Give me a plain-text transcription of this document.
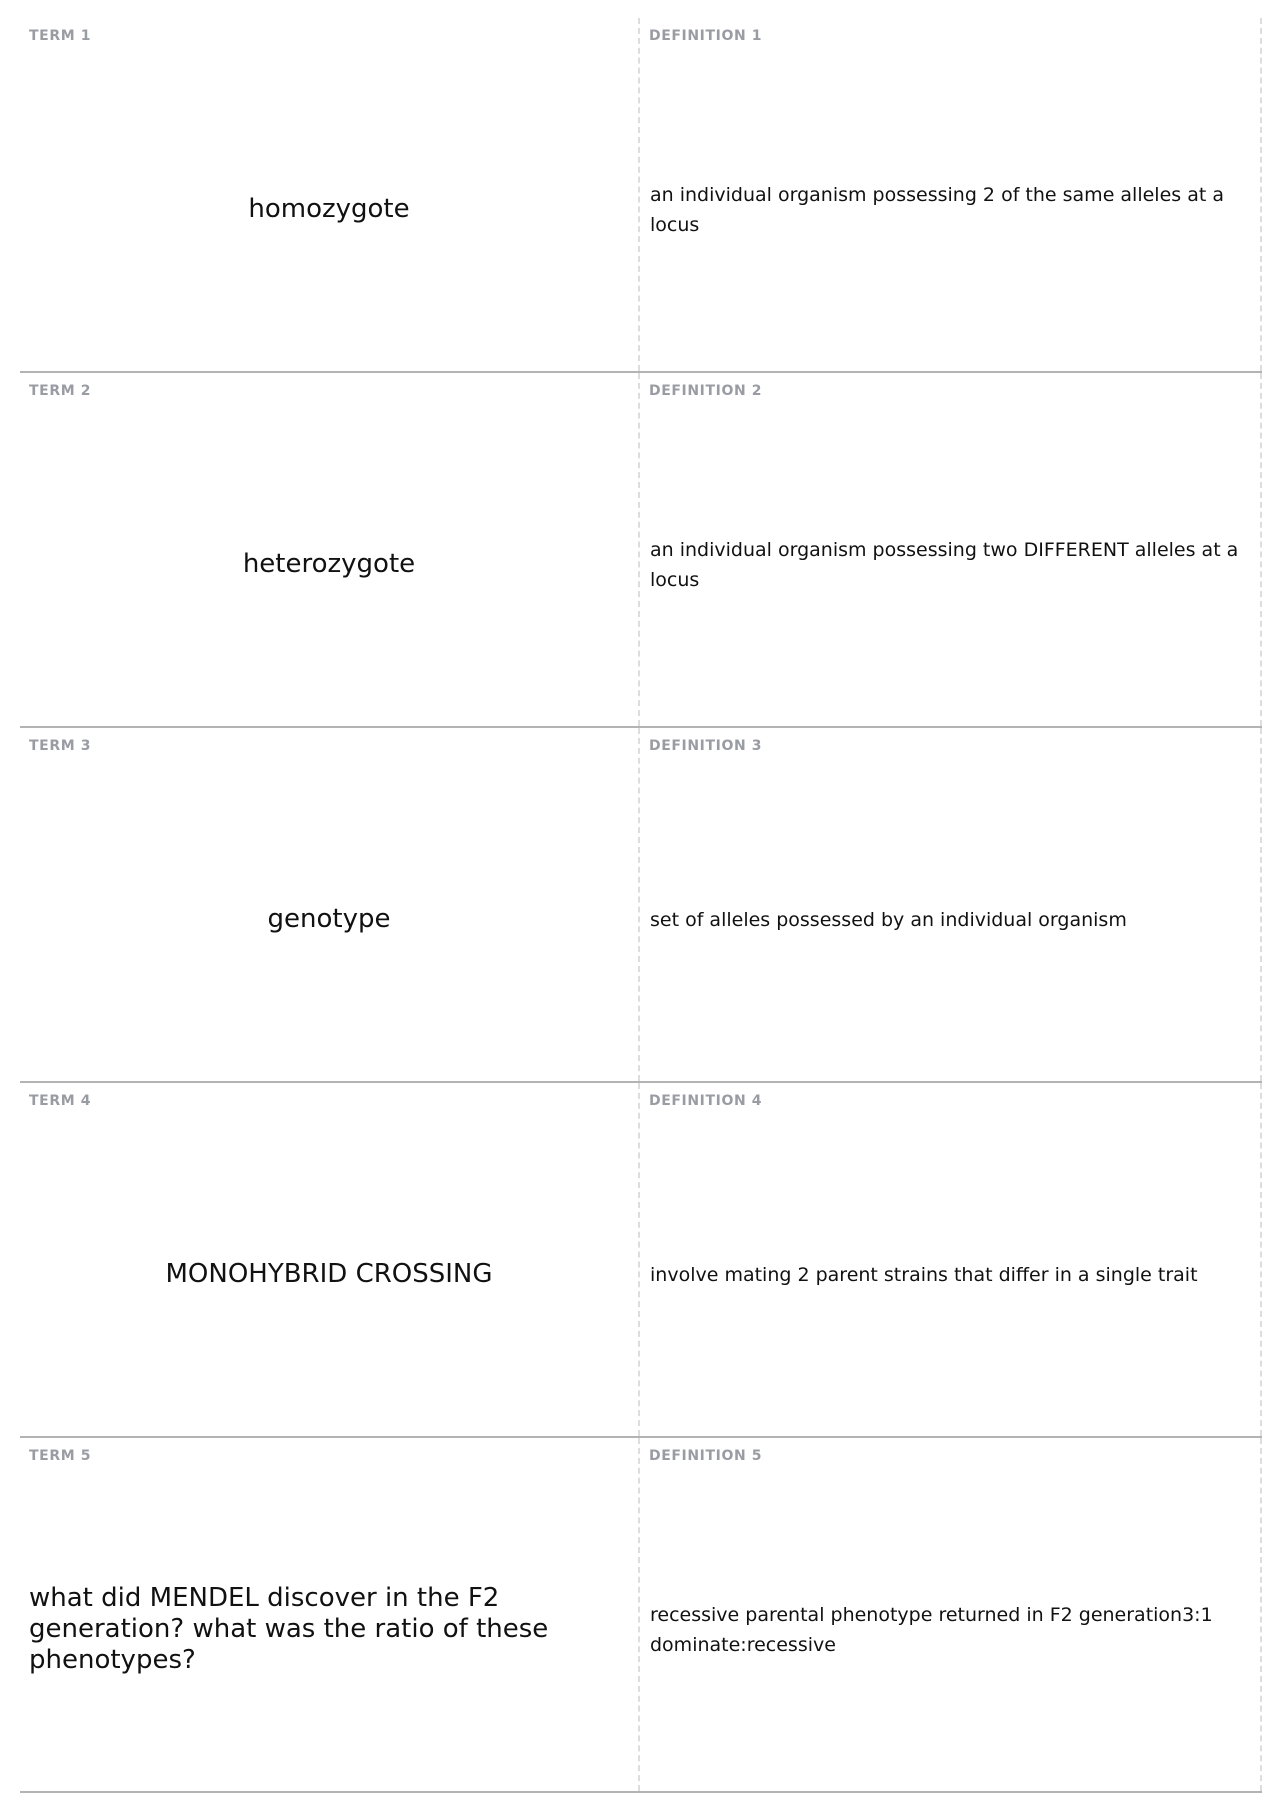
TERM 1
homozygote
DEFINITION 1
an individual organism possessing 2 of the same alleles at a locus
TERM 2
heterozygote
DEFINITION 2
an individual organism possessing two DIFFERENT alleles at a locus
TERM 3
genotype
DEFINITION 3
set of alleles possessed by an individual organism
TERM 4
MONOHYBRID CROSSING
DEFINITION 4
involve mating 2 parent strains that differ in a single trait
TERM 5
what did MENDEL discover in the F2 generation? what was the ratio of these phenotypes?
DEFINITION 5
recessive parental phenotype returned in F2 generation3:1 dominate:recessive
